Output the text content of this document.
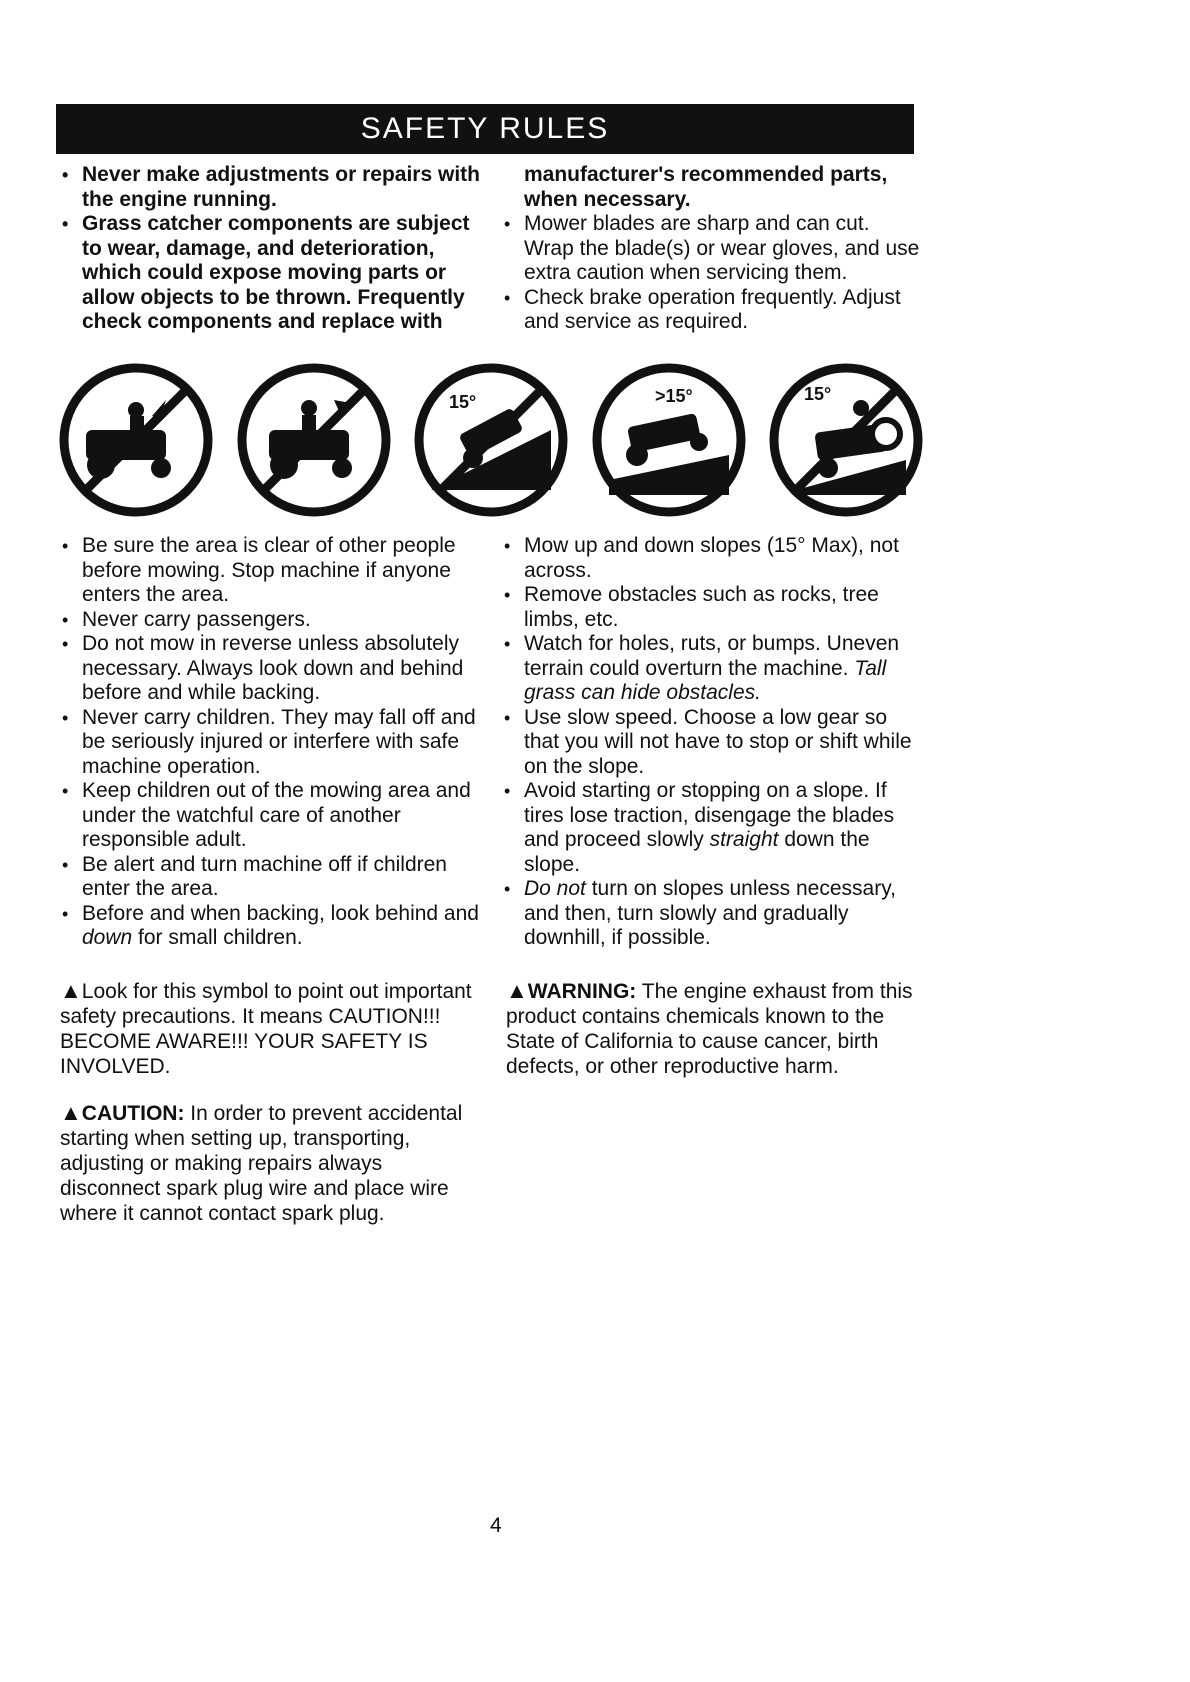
SAFETY RULES
• Never make adjustments or repairs with the engine running.
• Grass catcher components are subject to wear, damage, and deterioration, which could expose moving parts or allow objects to be thrown. Frequently check components and replace with
manufacturer's recommended parts, when necessary.
• Mower blades are sharp and can cut. Wrap the blade(s) or wear gloves, and use extra caution when servicing them.
• Check brake operation frequently. Adjust and service as required.
15°	>15°	15°
• Be sure the area is clear of other people before mowing. Stop machine if anyone enters the area.
• Never carry passengers.
• Do not mow in reverse unless absolutely necessary. Always look down and behind before and while backing.
• Never carry children. They may fall off and be seriously injured or interfere with safe machine operation.
• Keep children out of the mowing area and under the watchful care of another responsible adult.
• Be alert and turn machine off if children enter the area.
• Before and when backing, look behind and down for small children.
• Mow up and down slopes (15° Max), not across.
• Remove obstacles such as rocks, tree limbs, etc.
• Watch for holes, ruts, or bumps. Uneven terrain could overturn the machine. Tall grass can hide obstacles.
• Use slow speed. Choose a low gear so that you will not have to stop or shift while on the slope.
• Avoid starting or stopping on a slope. If tires lose traction, disengage the blades and proceed slowly straight down the slope.
• Do not turn on slopes unless necessary, and then, turn slowly and gradually downhill, if possible.
▲Look for this symbol to point out important safety precautions. It means CAUTION!!! BECOME AWARE!!! YOUR SAFETY IS INVOLVED.
▲WARNING: The engine exhaust from this product contains chemicals known to the State of California to cause cancer, birth defects, or other reproductive harm.
▲CAUTION: In order to prevent accidental starting when setting up, transporting, adjusting or making repairs always disconnect spark plug wire and place wire where it cannot contact spark plug.
4
